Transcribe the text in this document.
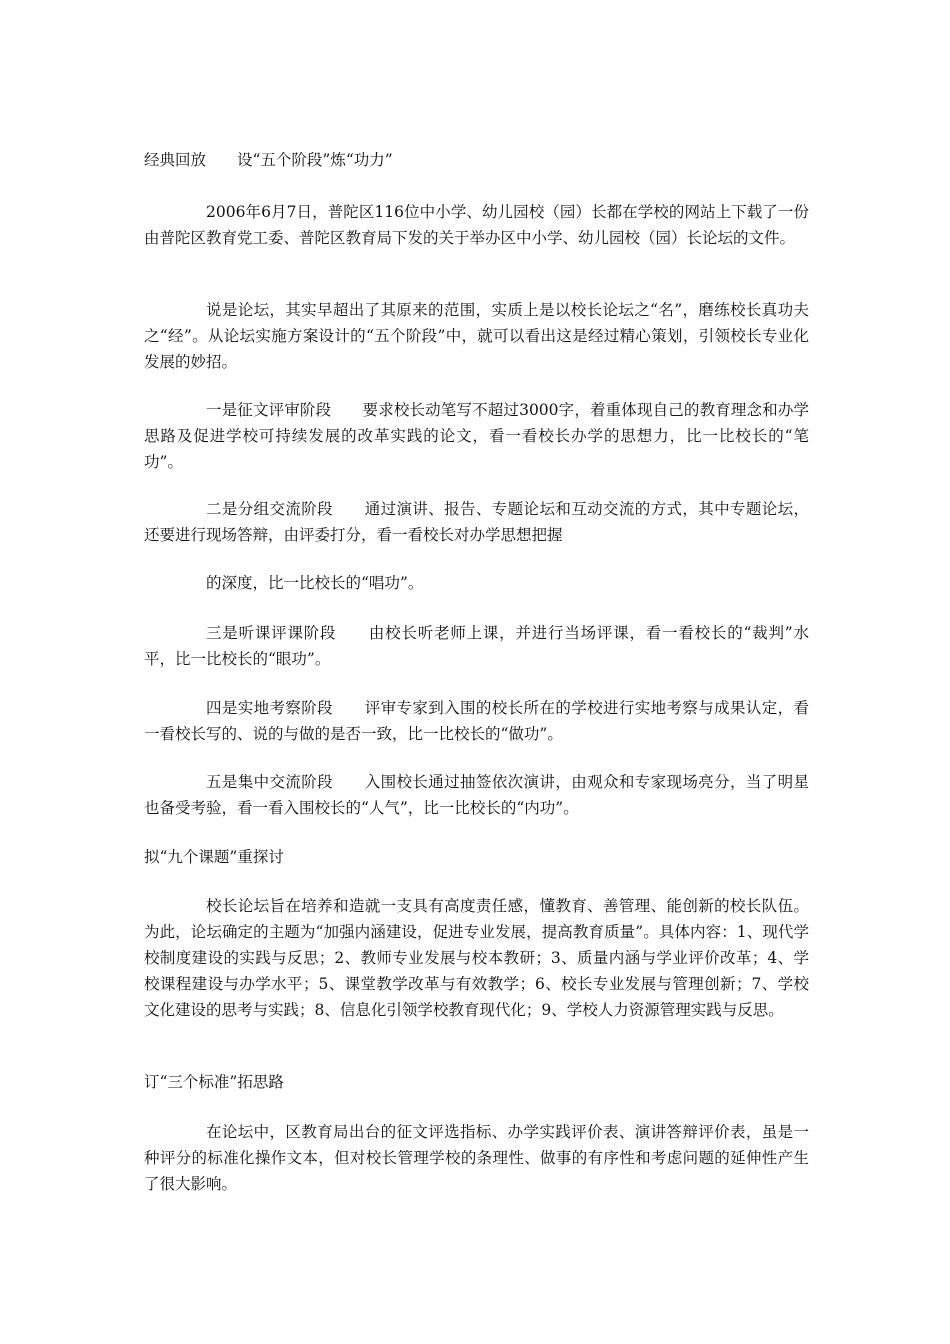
经典回放　　设“五个阶段”炼“功力”

2006年6月7日，普陀区116位中小学、幼儿园校（园）长都在学校的网站上下载了一份由普陀区教育党工委、普陀区教育局下发的关于举办区中小学、幼儿园校（园）长论坛的文件。

说是论坛，其实早超出了其原来的范围，实质上是以校长论坛之“名”，磨练校长真功夫之“经”。从论坛实施方案设计的“五个阶段”中，就可以看出这是经过精心策划，引领校长专业化发展的妙招。

一是征文评审阶段　　要求校长动笔写不超过3000字，着重体现自己的教育理念和办学思路及促进学校可持续发展的改革实践的论文，看一看校长办学的思想力，比一比校长的“笔功”。

二是分组交流阶段　　通过演讲、报告、专题论坛和互动交流的方式，其中专题论坛，还要进行现场答辩，由评委打分，看一看校长对办学思想把握

的深度，比一比校长的“唱功”。

三是听课评课阶段　　由校长听老师上课，并进行当场评课，看一看校长的“裁判”水平，比一比校长的“眼功”。

四是实地考察阶段　　评审专家到入围的校长所在的学校进行实地考察与成果认定，看一看校长写的、说的与做的是否一致，比一比校长的“做功”。

五是集中交流阶段　　入围校长通过抽签依次演讲，由观众和专家现场亮分，当了明星也备受考验，看一看入围校长的“人气”，比一比校长的“内功”。

拟“九个课题”重探讨

校长论坛旨在培养和造就一支具有高度责任感，懂教育、善管理、能创新的校长队伍。为此，论坛确定的主题为“加强内涵建设，促进专业发展，提高教育质量”。具体内容：1、现代学校制度建设的实践与反思；2、教师专业发展与校本教研；3、质量内涵与学业评价改革；4、学校课程建设与办学水平；5、课堂教学改革与有效教学；6、校长专业发展与管理创新；7、学校文化建设的思考与实践；8、信息化引领学校教育现代化；9、学校人力资源管理实践与反思。

订“三个标准”拓思路

在论坛中，区教育局出台的征文评选指标、办学实践评价表、演讲答辩评价表，虽是一种评分的标准化操作文本，但对校长管理学校的条理性、做事的有序性和考虑问题的延伸性产生了很大影响。
